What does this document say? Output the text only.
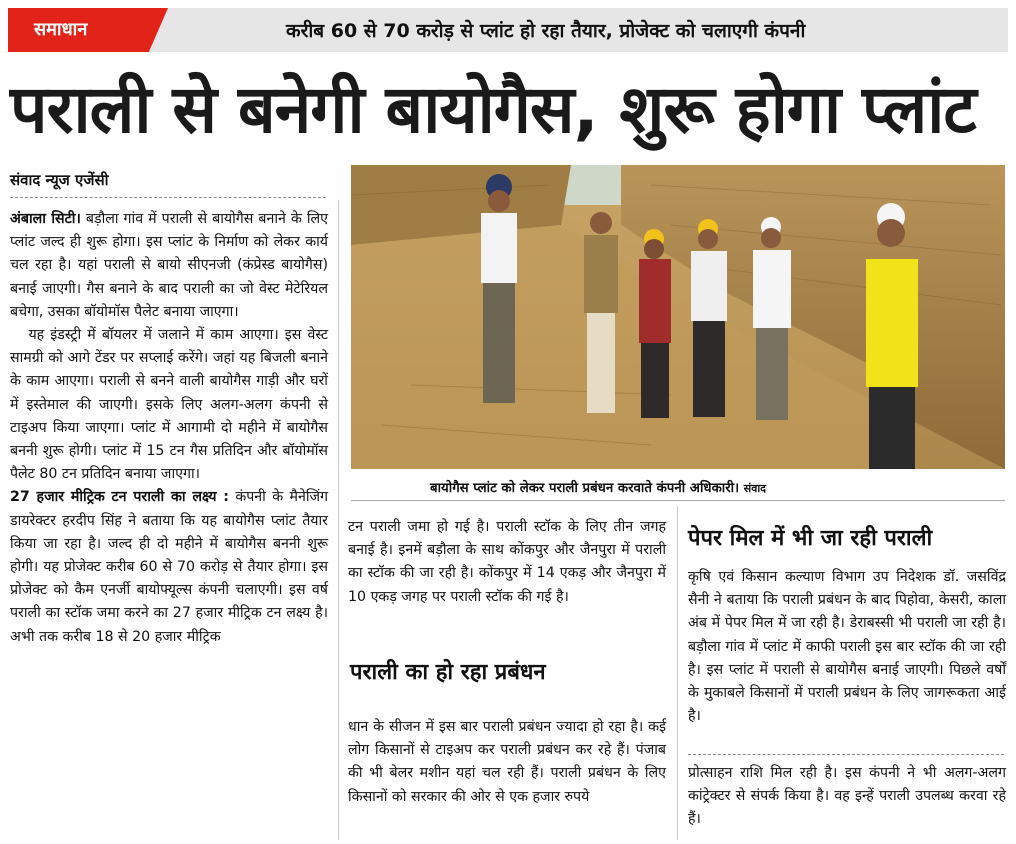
समाधान	करीब 60 से 70 करोड़ से प्लांट हो रहा तैयार, प्रोजेक्ट को चलाएगी कंपनी
पराली से बनेगी बायोगैस, शुरू होगा प्लांट
संवाद न्यूज एजेंसी

अंबाला सिटी। बड़ौला गांव में पराली से बायोगैस बनाने के लिए प्लांट जल्द ही शुरू होगा। इस प्लांट के निर्माण को लेकर कार्य चल रहा है। यहां पराली से बायो सीएनजी (कंप्रेस्ड बायोगैस) बनाई जाएगी। गैस बनाने के बाद पराली का जो वेस्ट मेटेरियल बचेगा, उसका बॉयोमॉस पैलेट बनाया जाएगा।

यह इंडस्ट्री में बॉयलर में जलाने में काम आएगा। इस वेस्ट सामग्री को आगे टेंडर पर सप्लाई करेंगे। जहां यह बिजली बनाने के काम आएगा। पराली से बनने वाली बायोगैस गाड़ी और घरों में इस्तेमाल की जाएगी। इसके लिए अलग-अलग कंपनी से टाइअप किया जाएगा। प्लांट में आगामी दो महीने में बायोगैस बननी शुरू होगी। प्लांट में 15 टन गैस प्रतिदिन और बॉयोमॉस पैलेट 80 टन प्रतिदिन बनाया जाएगा।

27 हजार मीट्रिक टन पराली का लक्ष्य : कंपनी के मैनेजिंग डायरेक्टर हरदीप सिंह ने बताया कि यह बायोगैस प्लांट तैयार किया जा रहा है। जल्द ही दो महीने में बायोगैस बननी शुरू होगी। यह प्रोजेक्ट करीब 60 से 70 करोड़ से तैयार होगा। इस प्रोजेक्ट को कैम एनर्जी बायोफ्यूल्स कंपनी चलाएगी। इस वर्ष पराली का स्टॉक जमा करने का 27 हजार मीट्रिक टन लक्ष्य है। अभी तक करीब 18 से 20 हजार मीट्रिक

बायोगैस प्लांट को लेकर पराली प्रबंधन करवाते कंपनी अधिकारी। संवाद

टन पराली जमा हो गई है। पराली स्टॉक के लिए तीन जगह बनाई है। इनमें बड़ौला के साथ कोंकपुर और जैनपुरा में पराली का स्टॉक की जा रही है। कोंकपुर में 14 एकड़ और जैनपुरा में 10 एकड़ जगह पर पराली स्टॉक की गई है।

पराली का हो रहा प्रबंधन

धान के सीजन में इस बार पराली प्रबंधन ज्यादा हो रहा है। कई लोग किसानों से टाइअप कर पराली प्रबंधन कर रहे हैं। पंजाब की भी बेलर मशीन यहां चल रही हैं। पराली प्रबंधन के लिए किसानों को सरकार की ओर से एक हजार रुपये

पेपर मिल में भी जा रही पराली

कृषि एवं किसान कल्याण विभाग उप निदेशक डॉ. जसविंद्र सैनी ने बताया कि पराली प्रबंधन के बाद पिहोवा, केसरी, काला अंब में पेपर मिल में जा रही है। डेराबस्सी भी पराली जा रही है। बड़ौला गांव में प्लांट में काफी पराली इस बार स्टॉक की जा रही है। इस प्लांट में पराली से बायोगैस बनाई जाएगी। पिछले वर्षों के मुकाबले किसानों में पराली प्रबंधन के लिए जागरूकता आई है।

प्रोत्साहन राशि मिल रही है। इस कंपनी ने भी अलग-अलग कांट्रेक्टर से संपर्क किया है। वह इन्हें पराली उपलब्ध करवा रहे हैं।
